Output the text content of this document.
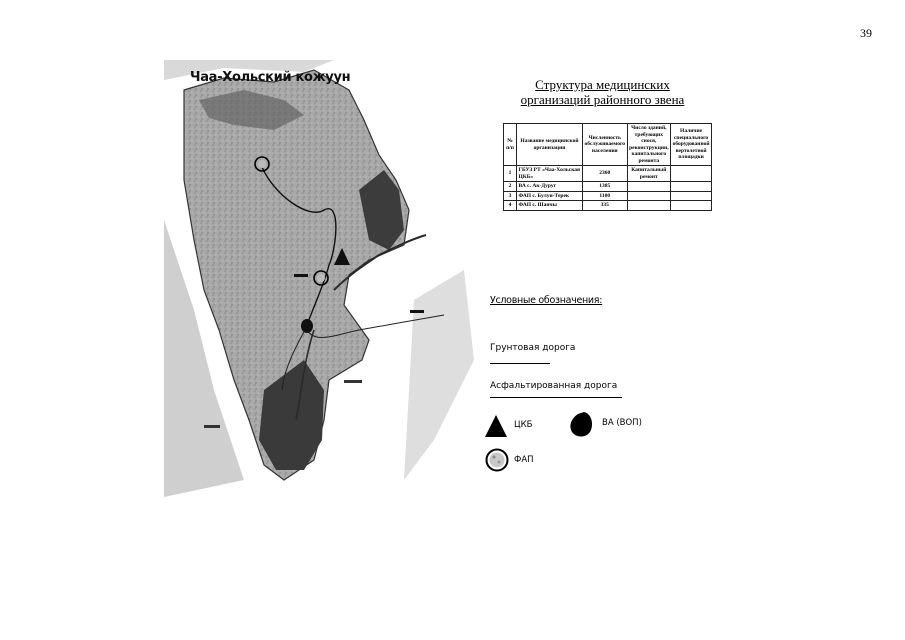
39
Чаа-Хольский кожуун	Структура медицинских
организаций районного звена
№ п/п	Название медицинской организации	Численность обслуживаемого населения	Число зданий, требующих снося, реконструкции, капитального ремонта	Наличие специального оборудованной вертолетной площадки
1	ГБУЗ РТ «Чаа-Хольская ЦКБ»	2360	Капитальный ремонт	
2	ВА с. Ак-Дуруг	1385		
3	ФАП с. Булун-Терек	1100		
4	ФАП с. Шанчы	335		
Условные обозначения:
Грунтовая дорога
Асфальтированная дорога
ЦКБ	ВА (ВОП)
ФАП
